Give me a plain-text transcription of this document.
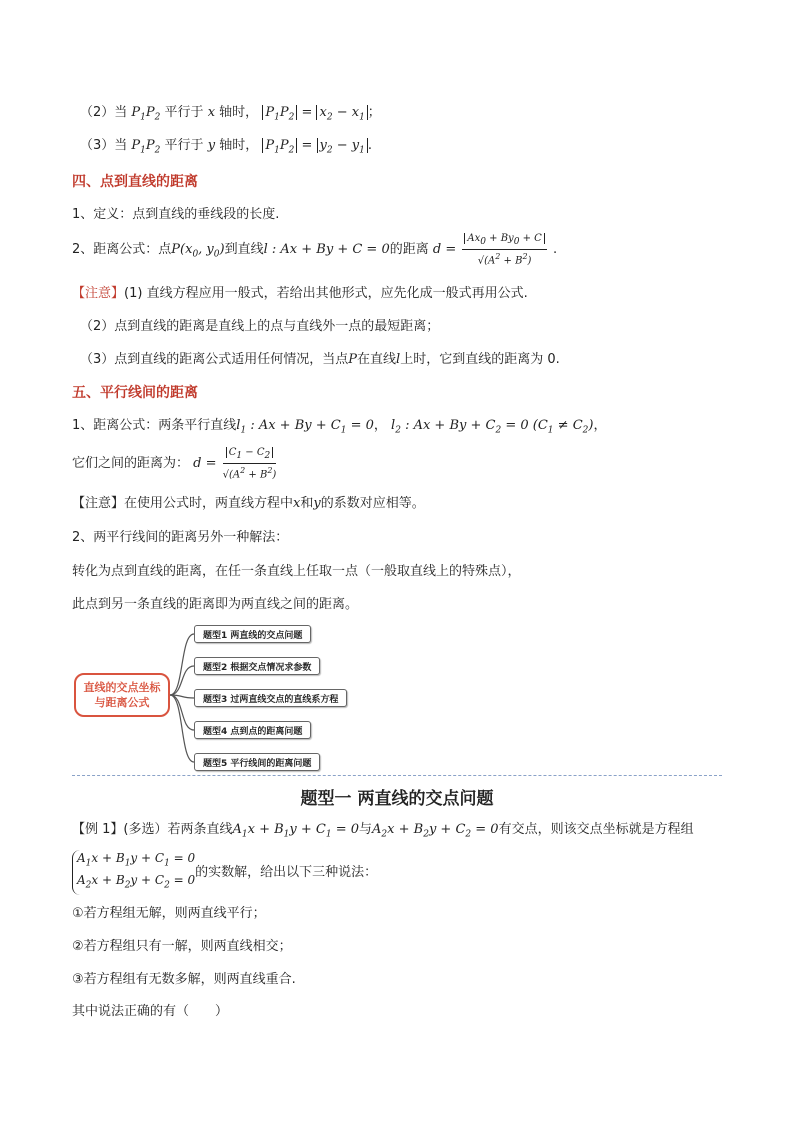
（2）当 $P_1P_2$ 平行于 x 轴时， $P_1P_2 = x_2 - x_1$ ；
（3）当 $P_1P_2$ 平行于 y 轴时， $P_1P_2 = y_2 - y_1$ .
四、点到直线的距离
1、定义：点到直线的垂线段的长度.
2、距离公式：点$P(x_0$, $y_0$)到直线l : Ax + By + C = 0的距离 $d = \frac{Ax_0 + By_0 + C}{√(A^2 + B^2)}$ .
【注意】(1) 直线方程应用一般式，若给出其他形式，应先化成一般式再用公式.
（2）点到直线的距离是直线上的点与直线外一点的最短距离；
（3）点到直线的距离公式适用任何情况，当点P在直线l上时，它到直线的距离为 0.
五、平行线间的距离
1、距离公式：两条平行直线$l_1$ : $Ax + By + C_1 = 0$， $l_2$ : $Ax + By + C_2 = 0$ $(C_1 \ne C_2)$，
它们之间的距离为： $d = \frac{C_1 - C_2}{√(A^2 + B^2)}$
【注意】在使用公式时，两直线方程中x和y的系数对应相等。
2、两平行线间的距离另外一种解法：
转化为点到直线的距离，在任一条直线上任取一点（一般取直线上的特殊点），
此点到另一条直线的距离即为两直线之间的距离。
直线的交点坐标
与距离公式
题型1 两直线的交点问题
题型2 根据交点情况求参数
题型3 过两直线交点的直线系方程
题型4 点到点的距离问题
题型5 平行线间的距离问题
题型一 两直线的交点问题
【例 1】(多选）若两条直线$A_1x + B_1y + C_1 = 0$与$A_2x + B_2y + C_2 = 0$有交点，则该交点坐标就是方程组
$A_1x + B_1y + C_1 = 0$
$A_2x + B_2y + C_2 = 0$的实数解，给出以下三种说法：
①若方程组无解，则两直线平行；
②若方程组只有一解，则两直线相交；
③若方程组有无数多解，则两直线重合.
其中说法正确的有（　　）
